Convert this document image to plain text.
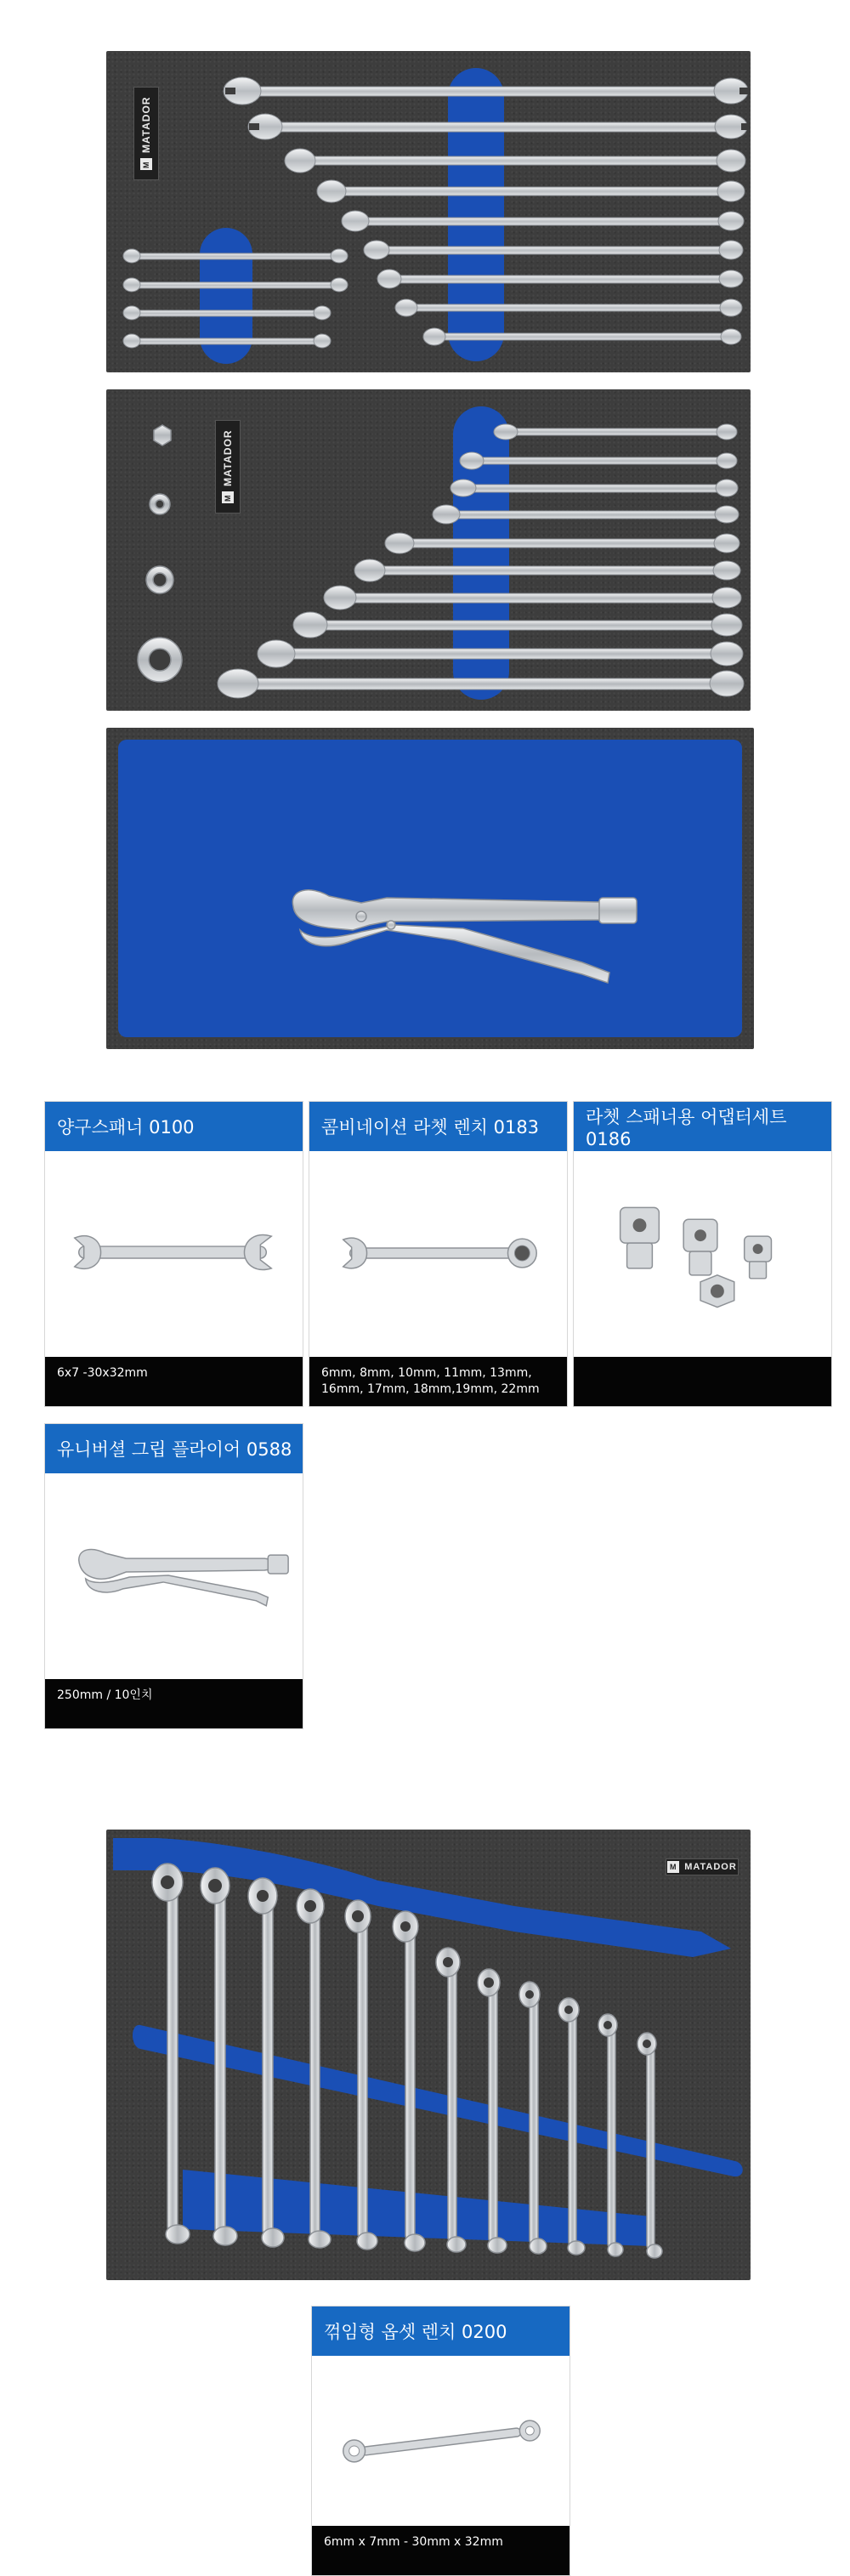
M
MATADOR
M
MATADOR
양구스패너 0100
6x7 -30x32mm
콤비네이션 라쳇 렌치 0183
6mm, 8mm, 10mm, 11mm, 13mm, 16mm, 17mm, 18mm,19mm, 22mm
라쳇 스패너용 어댑터세트 0186
유니버셜 그립 플라이어 0588
250mm / 10인치
M MATADOR
꺾임형 옵셋 렌치 0200
6mm x 7mm - 30mm x 32mm
